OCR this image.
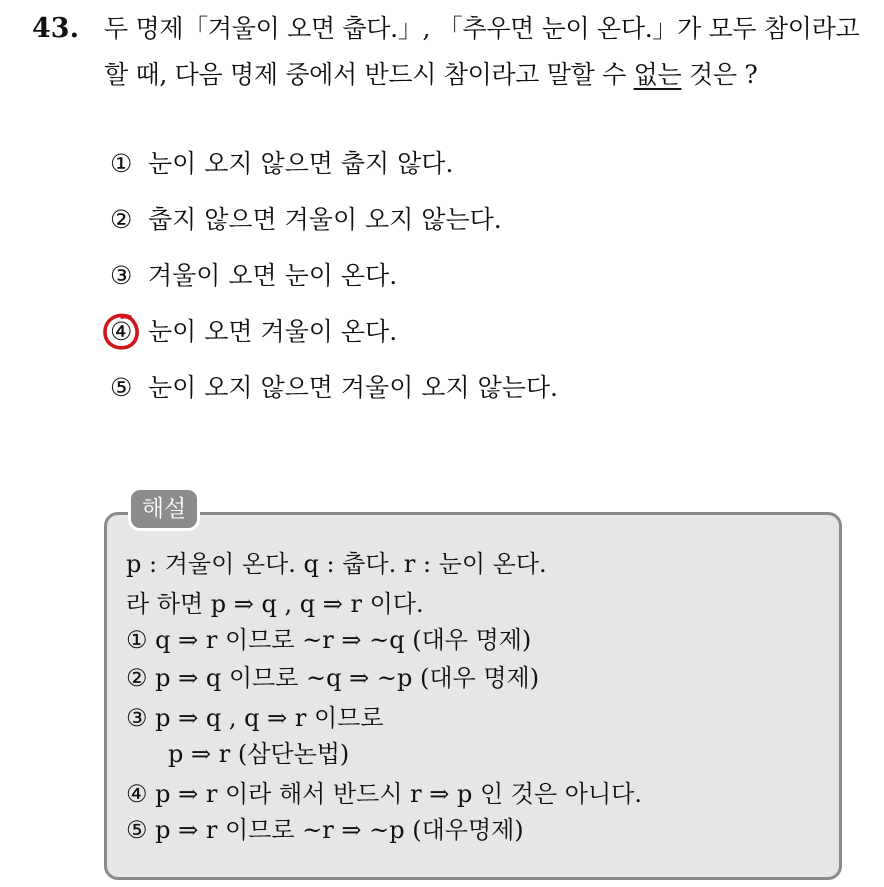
43. 두 명제「겨울이 오면 춥다.」, 「추우면 눈이 온다.」가 모두 참이라고
할 때, 다음 명제 중에서 반드시 참이라고 말할 수 없는 것은 ?
① 눈이 오지 않으면 춥지 않다.
② 춥지 않으면 겨울이 오지 않는다.
③ 겨울이 오면 눈이 온다.
④ 눈이 오면 겨울이 온다.
⑤ 눈이 오지 않으면 겨울이 오지 않는다.
해설
p : 겨울이 온다. q : 춥다. r : 눈이 온다.
라 하면 p ⇒ q , q ⇒ r 이다.
① q ⇒ r 이므로 ~r ⇒ ~q (대우 명제)
② p ⇒ q 이므로 ~q ⇒ ~p (대우 명제)
③ p ⇒ q , q ⇒ r 이므로
p ⇒ r (삼단논법)
④ p ⇒ r 이라 해서 반드시 r ⇒ p 인 것은 아니다.
⑤ p ⇒ r 이므로 ~r ⇒ ~p (대우명제)
